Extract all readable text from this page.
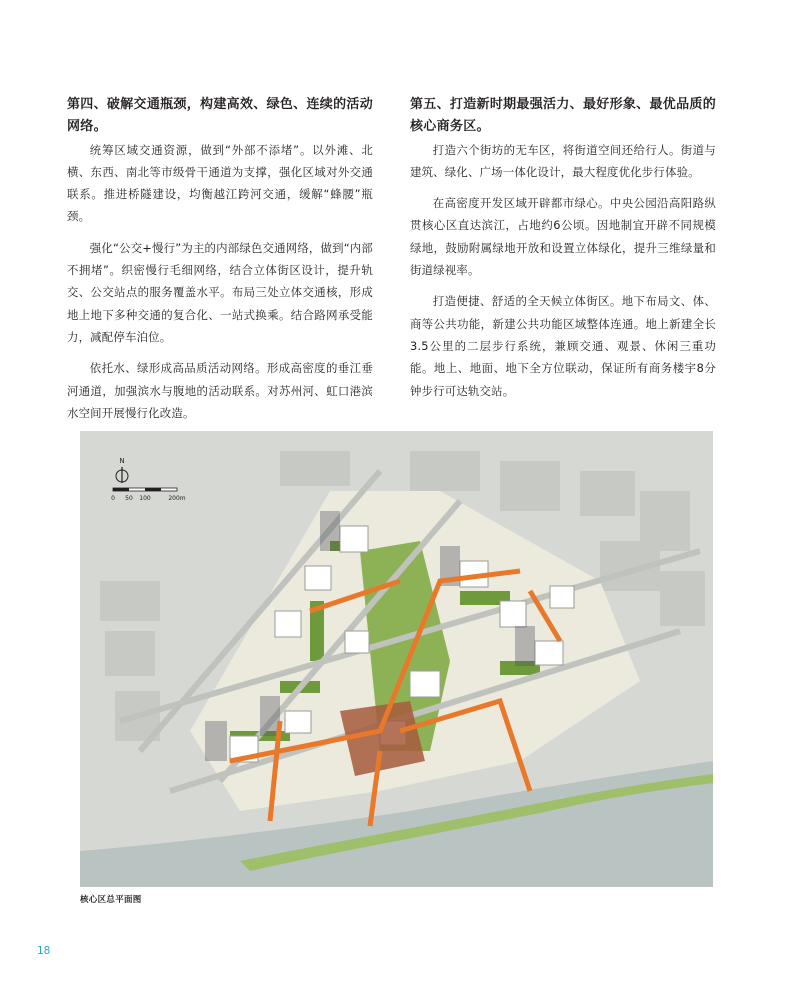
第四、破解交通瓶颈，构建高效、绿色、连续的活动网络。

统筹区域交通资源，做到“外部不添堵”。以外滩、北横、东西、南北等市级骨干通道为支撑，强化区域对外交通联系。推进桥隧建设，均衡越江跨河交通，缓解“蜂腰”瓶颈。

强化“公交+慢行”为主的内部绿色交通网络，做到“内部不拥堵”。织密慢行毛细网络，结合立体街区设计，提升轨交、公交站点的服务覆盖水平。布局三处立体交通核，形成地上地下多种交通的复合化、一站式换乘。结合路网承受能力，减配停车泊位。

依托水、绿形成高品质活动网络。形成高密度的垂江垂河通道，加强滨水与腹地的活动联系。对苏州河、虹口港滨水空间开展慢行化改造。

第五、打造新时期最强活力、最好形象、最优品质的核心商务区。

打造六个街坊的无车区，将街道空间还给行人。街道与建筑、绿化、广场一体化设计，最大程度优化步行体验。

在高密度开发区域开辟都市绿心。中央公园沿高阳路纵贯核心区直达滨江，占地约6公顷。因地制宜开辟不同规模绿地，鼓励附属绿地开放和设置立体绿化，提升三维绿量和街道绿视率。

打造便捷、舒适的全天候立体街区。地下布局文、体、商等公共功能，新建公共功能区域整体连通。地上新建全长3.5公里的二层步行系统，兼顾交通、观景、休闲三重功能。地上、地面、地下全方位联动，保证所有商务楼宇8分钟步行可达轨交站。

N
0 50 100	200m
核心区总平面图
18
